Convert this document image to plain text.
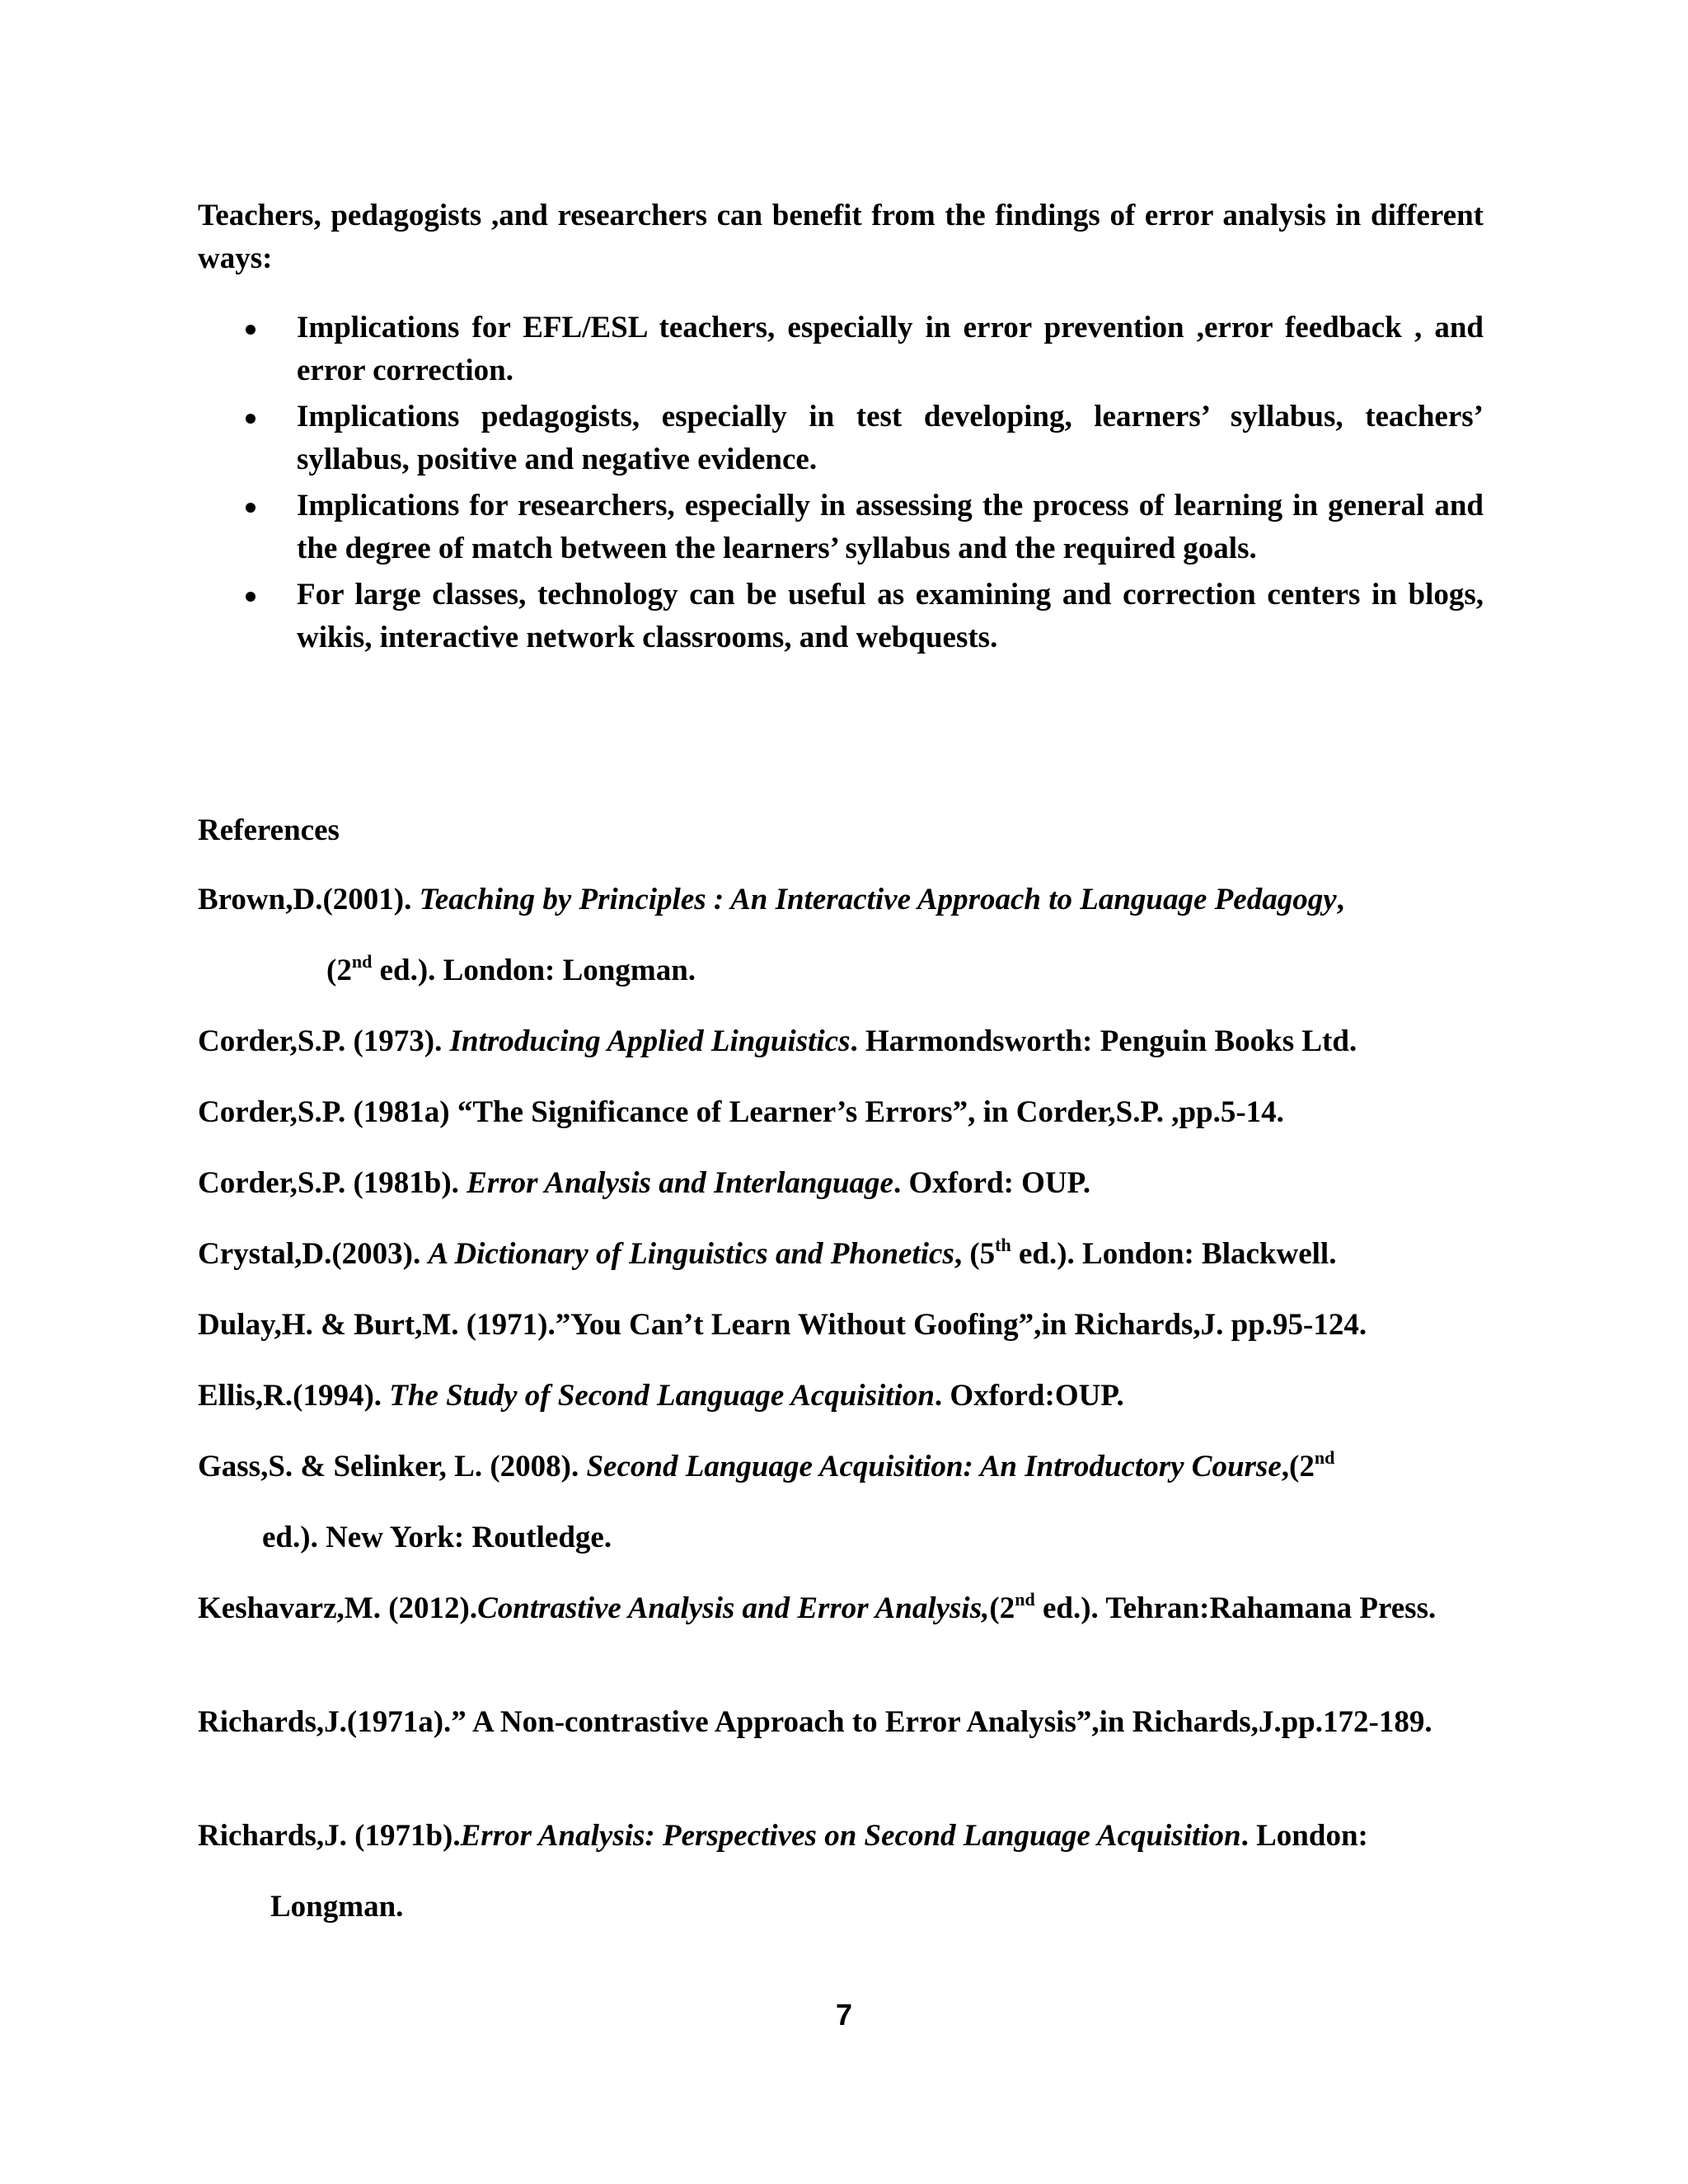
Teachers, pedagogists ,and researchers can benefit from the findings of error analysis in different ways:

Implications for EFL/ESL teachers, especially in error prevention ,error feedback , and error correction.
Implications pedagogists, especially in test developing, learners’ syllabus, teachers’ syllabus, positive and negative evidence.
Implications for researchers, especially in assessing the process of learning in general and the degree of match between the learners’ syllabus and the required goals.
For large classes, technology can be useful as examining and correction centers in blogs, wikis, interactive network classrooms, and webquests.

References

Brown,D.(2001). Teaching by Principles : An Interactive Approach to Language Pedagogy,

(2nd ed.). London: Longman.

Corder,S.P. (1973). Introducing Applied Linguistics. Harmondsworth: Penguin Books Ltd.

Corder,S.P. (1981a) “The Significance of Learner’s Errors”, in Corder,S.P. ,pp.5-14.

Corder,S.P. (1981b). Error Analysis and Interlanguage. Oxford: OUP.

Crystal,D.(2003). A Dictionary of Linguistics and Phonetics, (5th ed.). London: Blackwell.

Dulay,H. & Burt,M. (1971).”You Can’t Learn Without Goofing”,in Richards,J. pp.95-124.

Ellis,R.(1994). The Study of Second Language Acquisition. Oxford:OUP.

Gass,S. & Selinker, L. (2008). Second Language Acquisition: An Introductory Course,(2nd

ed.). New York: Routledge.

Keshavarz,M. (2012).Contrastive Analysis and Error Analysis,(2nd ed.). Tehran:Rahamana Press.

Richards,J.(1971a).” A Non-contrastive Approach to Error Analysis”,in Richards,J.pp.172-189.

Richards,J. (1971b).Error Analysis: Perspectives on Second Language Acquisition. London:

Longman.

7
